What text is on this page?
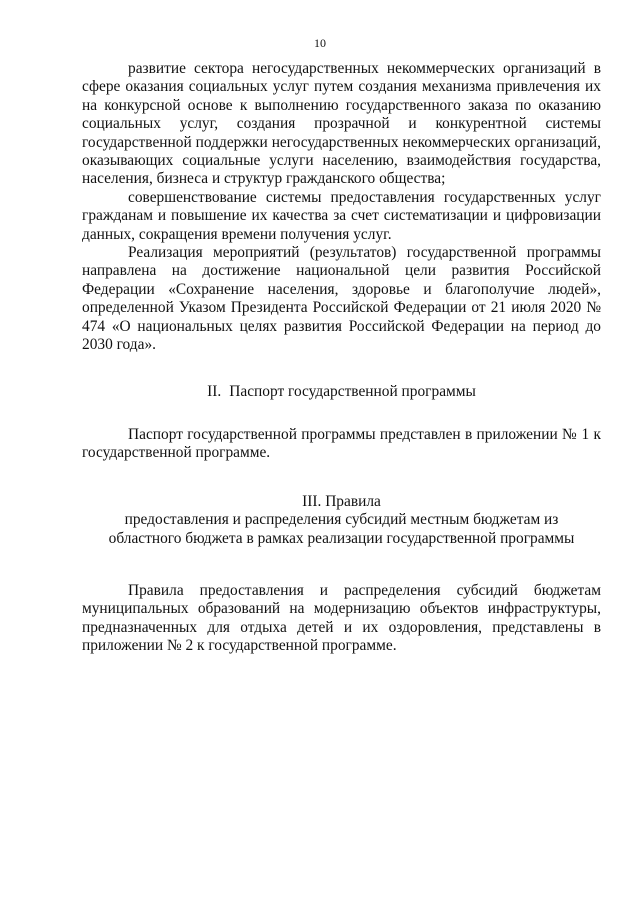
10

развитие сектора негосударственных некоммерческих организаций в сфере оказания социальных услуг путем создания механизма привлечения их на конкурсной основе к выполнению государственного заказа по оказанию социальных услуг, создания прозрачной и конкурентной системы государственной поддержки негосударственных некоммерческих организаций, оказывающих социальные услуги населению, взаимодействия государства, населения, бизнеса и структур гражданского общества;

совершенствование системы предоставления государственных услуг гражданам и повышение их качества за счет систематизации и цифровизации данных, сокращения времени получения услуг.

Реализация мероприятий (результатов) государственной программы направлена на достижение национальной цели развития Российской Федерации «Сохранение населения, здоровье и благополучие людей», определенной Указом Президента Российской Федерации от 21 июля 2020 № 474 «О национальных целях развития Российской Федерации на период до 2030 года».

II. Паспорт государственной программы

Паспорт государственной программы представлен в приложении № 1 к государственной программе.

III. Правила
предоставления и распределения субсидий местным бюджетам из областного бюджета в рамках реализации государственной программы

Правила предоставления и распределения субсидий бюджетам муниципальных образований на модернизацию объектов инфраструктуры, предназначенных для отдыха детей и их оздоровления, представлены в приложении № 2 к государственной программе.
